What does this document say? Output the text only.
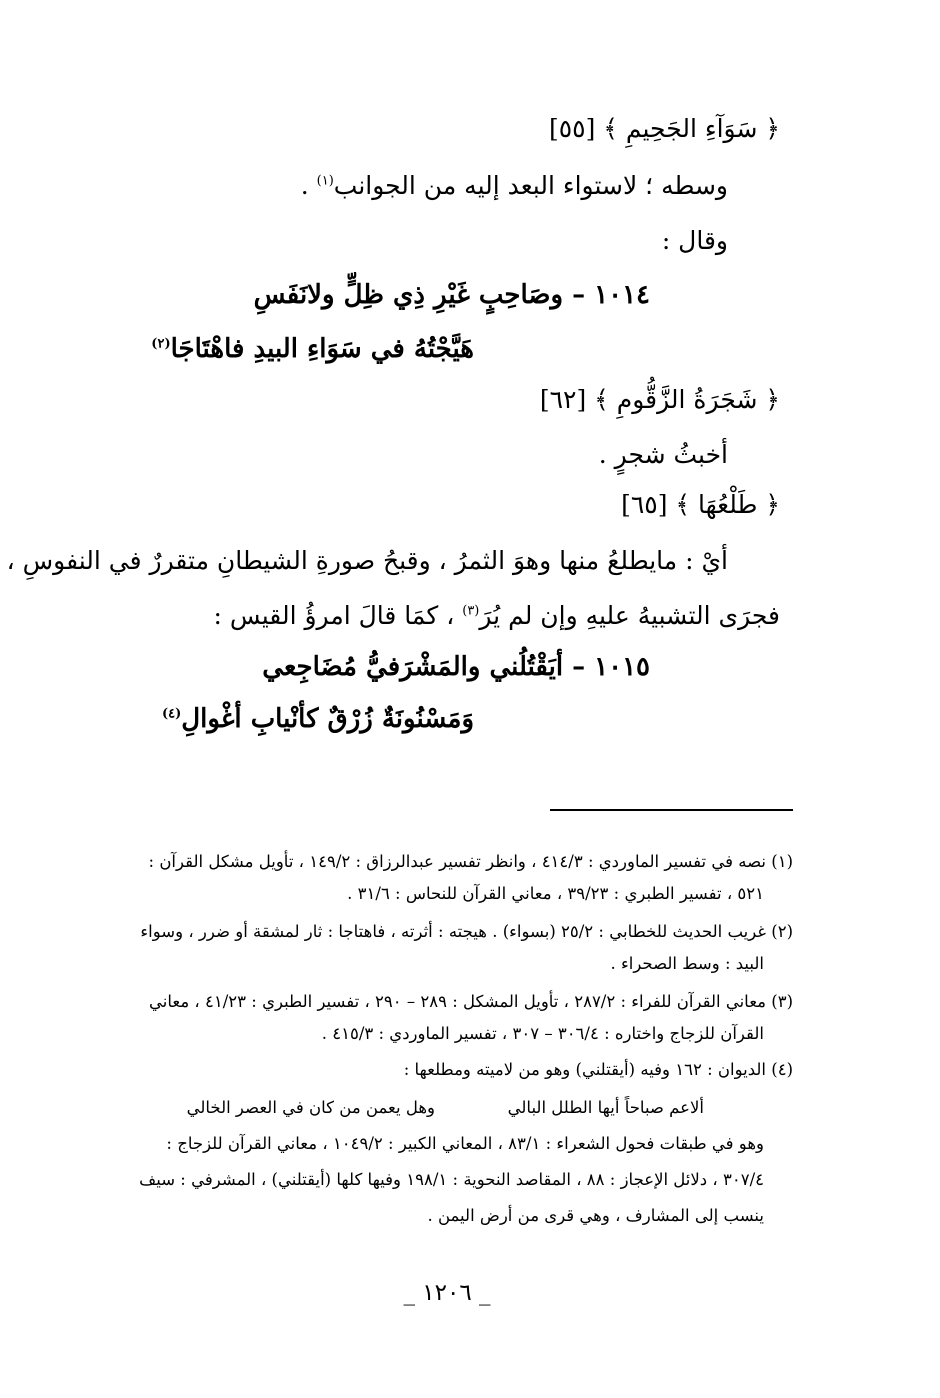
﴿ سَوَآءِ الجَحِيمِ ﴾ [٥٥]
وسطه ؛ لاستواء البعد إليه من الجوانب$^{(١)}$ .
وقال :
١٠١٤ – وصَاحِبٍ غَيْرِ ذِي ظِلٍّ ولانَفَسِ
هَيَّجْتُهُ في سَوَاءِ البيدِ فاهْتَاجَا$^{(٢)}$
﴿ شَجَرَةُ الزَّقُّومِ ﴾ [٦٢]
أخبثُ شجرٍ .
﴿ طَلْعُهَا ﴾ [٦٥]
أيْ : مايطلعُ منها وهوَ الثمرُ ، وقبحُ صورةِ الشيطانِ متقررٌ في النفوسِ ،
فجرَى التشبيهُ عليهِ وإن لم يُرَ$^{(٣)}$ ، كمَا قالَ امرؤُ القيس :
١٠١٥ – أيَقْتُلُني والمَشْرَفيُّ مُضَاجِعي
وَمَسْنُونَةٌ زُرْقٌ كأنْيابِ أغْوالِ$^{(٤)}$
(١) نصه في تفسير الماوردي : ٤١٤/٣ ، وانظر تفسير عبدالرزاق : ١٤٩/٢ ، تأويل مشكل القرآن :
٥٢١ ، تفسير الطبري : ٣٩/٢٣ ، معاني القرآن للنحاس : ٣١/٦ .
(٢) غريب الحديث للخطابي : ٢٥/٢ (بسواء) . هيجته : أثرته ، فاهتاجا : ثار لمشقة أو ضرر ، وسواء
البيد : وسط الصحراء .
(٣) معاني القرآن للفراء : ٢٨٧/٢ ، تأويل المشكل : ٢٨٩ – ٢٩٠ ، تفسير الطبري : ٤١/٢٣ ، معاني
القرآن للزجاج واختاره : ٣٠٦/٤ – ٣٠٧ ، تفسير الماوردي : ٤١٥/٣ .
(٤) الديوان : ١٦٢ وفيه (أيقتلني) وهو من لاميته ومطلعها :
ألاعم صباحاً أيها الطلل البالي
وهل يعمن من كان في العصر الخالي
وهو في طبقات فحول الشعراء : ٨٣/١ ، المعاني الكبير : ١٠٤٩/٢ ، معاني القرآن للزجاج :
٣٠٧/٤ ، دلائل الإعجاز : ٨٨ ، المقاصد النحوية : ١٩٨/١ وفيها كلها (أيقتلني) ، المشرفي : سيف
ينسب إلى المشارف ، وهي قرى من أرض اليمن .
_ ١٢٠٦ _
